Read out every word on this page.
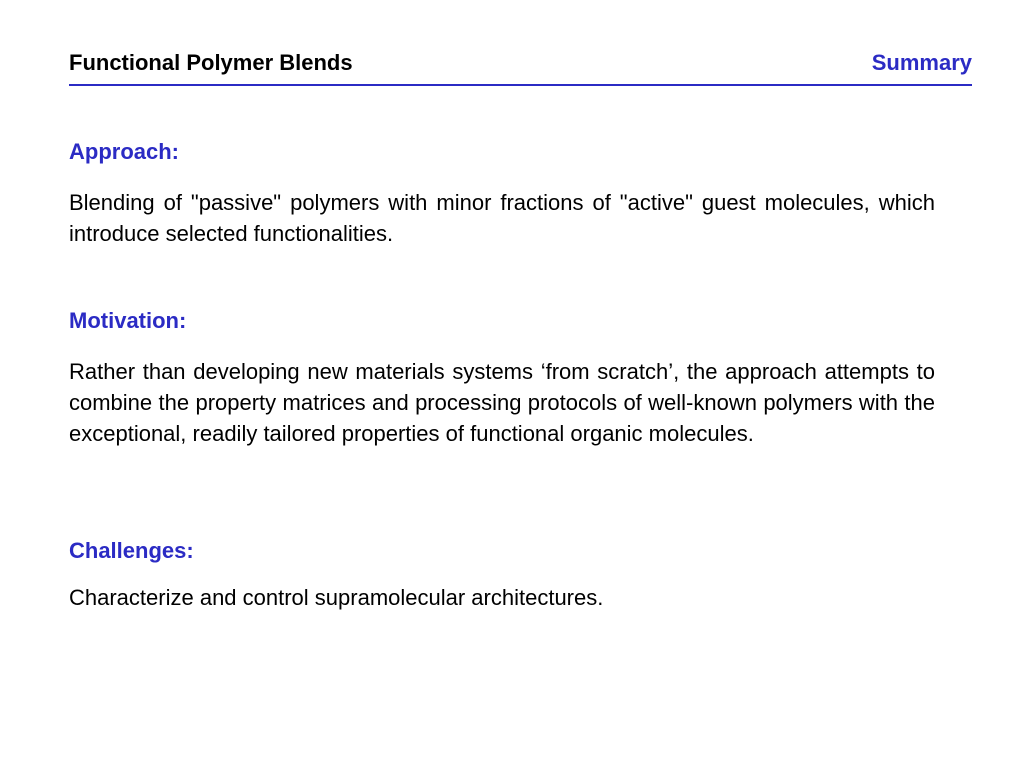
Functional Polymer Blends	Summary
Approach:
Blending of "passive" polymers with minor fractions of "active" guest molecules, which introduce selected functionalities.
Motivation:
Rather than developing new materials systems ‘from scratch’, the approach attempts to combine the property matrices and processing protocols of well-known polymers with the exceptional, readily tailored properties of functional organic molecules.
Challenges:
Characterize and control supramolecular architectures.
